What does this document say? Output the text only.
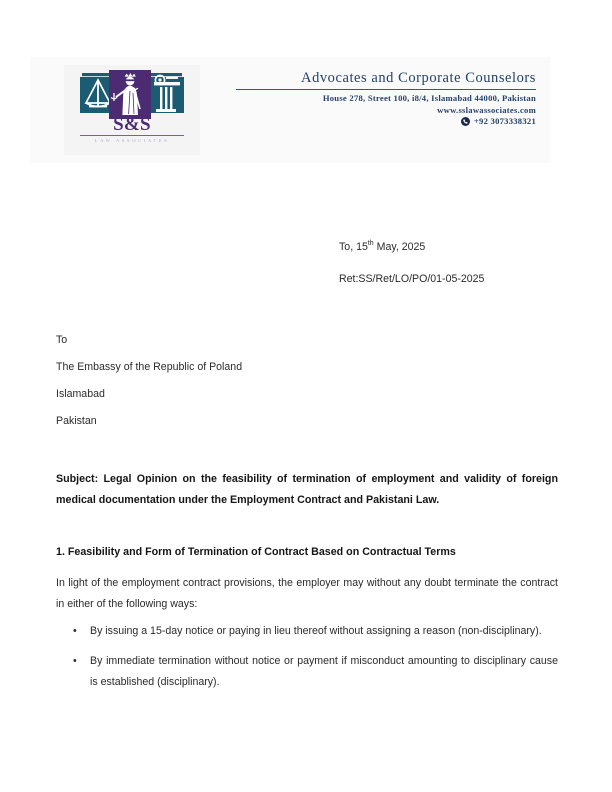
S&S
LAW ASSOCIATES
Advocates and Corporate Counselors
House 278, Street 100, i8/4, Islamabad 44000, Pakistan
www.sslawassociates.com
+92 3073338321
To, 15th May, 2025
Ret:SS/Ret/LO/PO/01-05-2025
To
The Embassy of the Republic of Poland
Islamabad
Pakistan
Subject: Legal Opinion on the feasibility of termination of employment and validity of foreign medical documentation under the Employment Contract and Pakistani Law.
1. Feasibility and Form of Termination of Contract Based on Contractual Terms
In light of the employment contract provisions, the employer may without any doubt terminate the contract in either of the following ways:
• By issuing a 15-day notice or paying in lieu thereof without assigning a reason (non-disciplinary).
• By immediate termination without notice or payment if misconduct amounting to disciplinary cause is established (disciplinary).
